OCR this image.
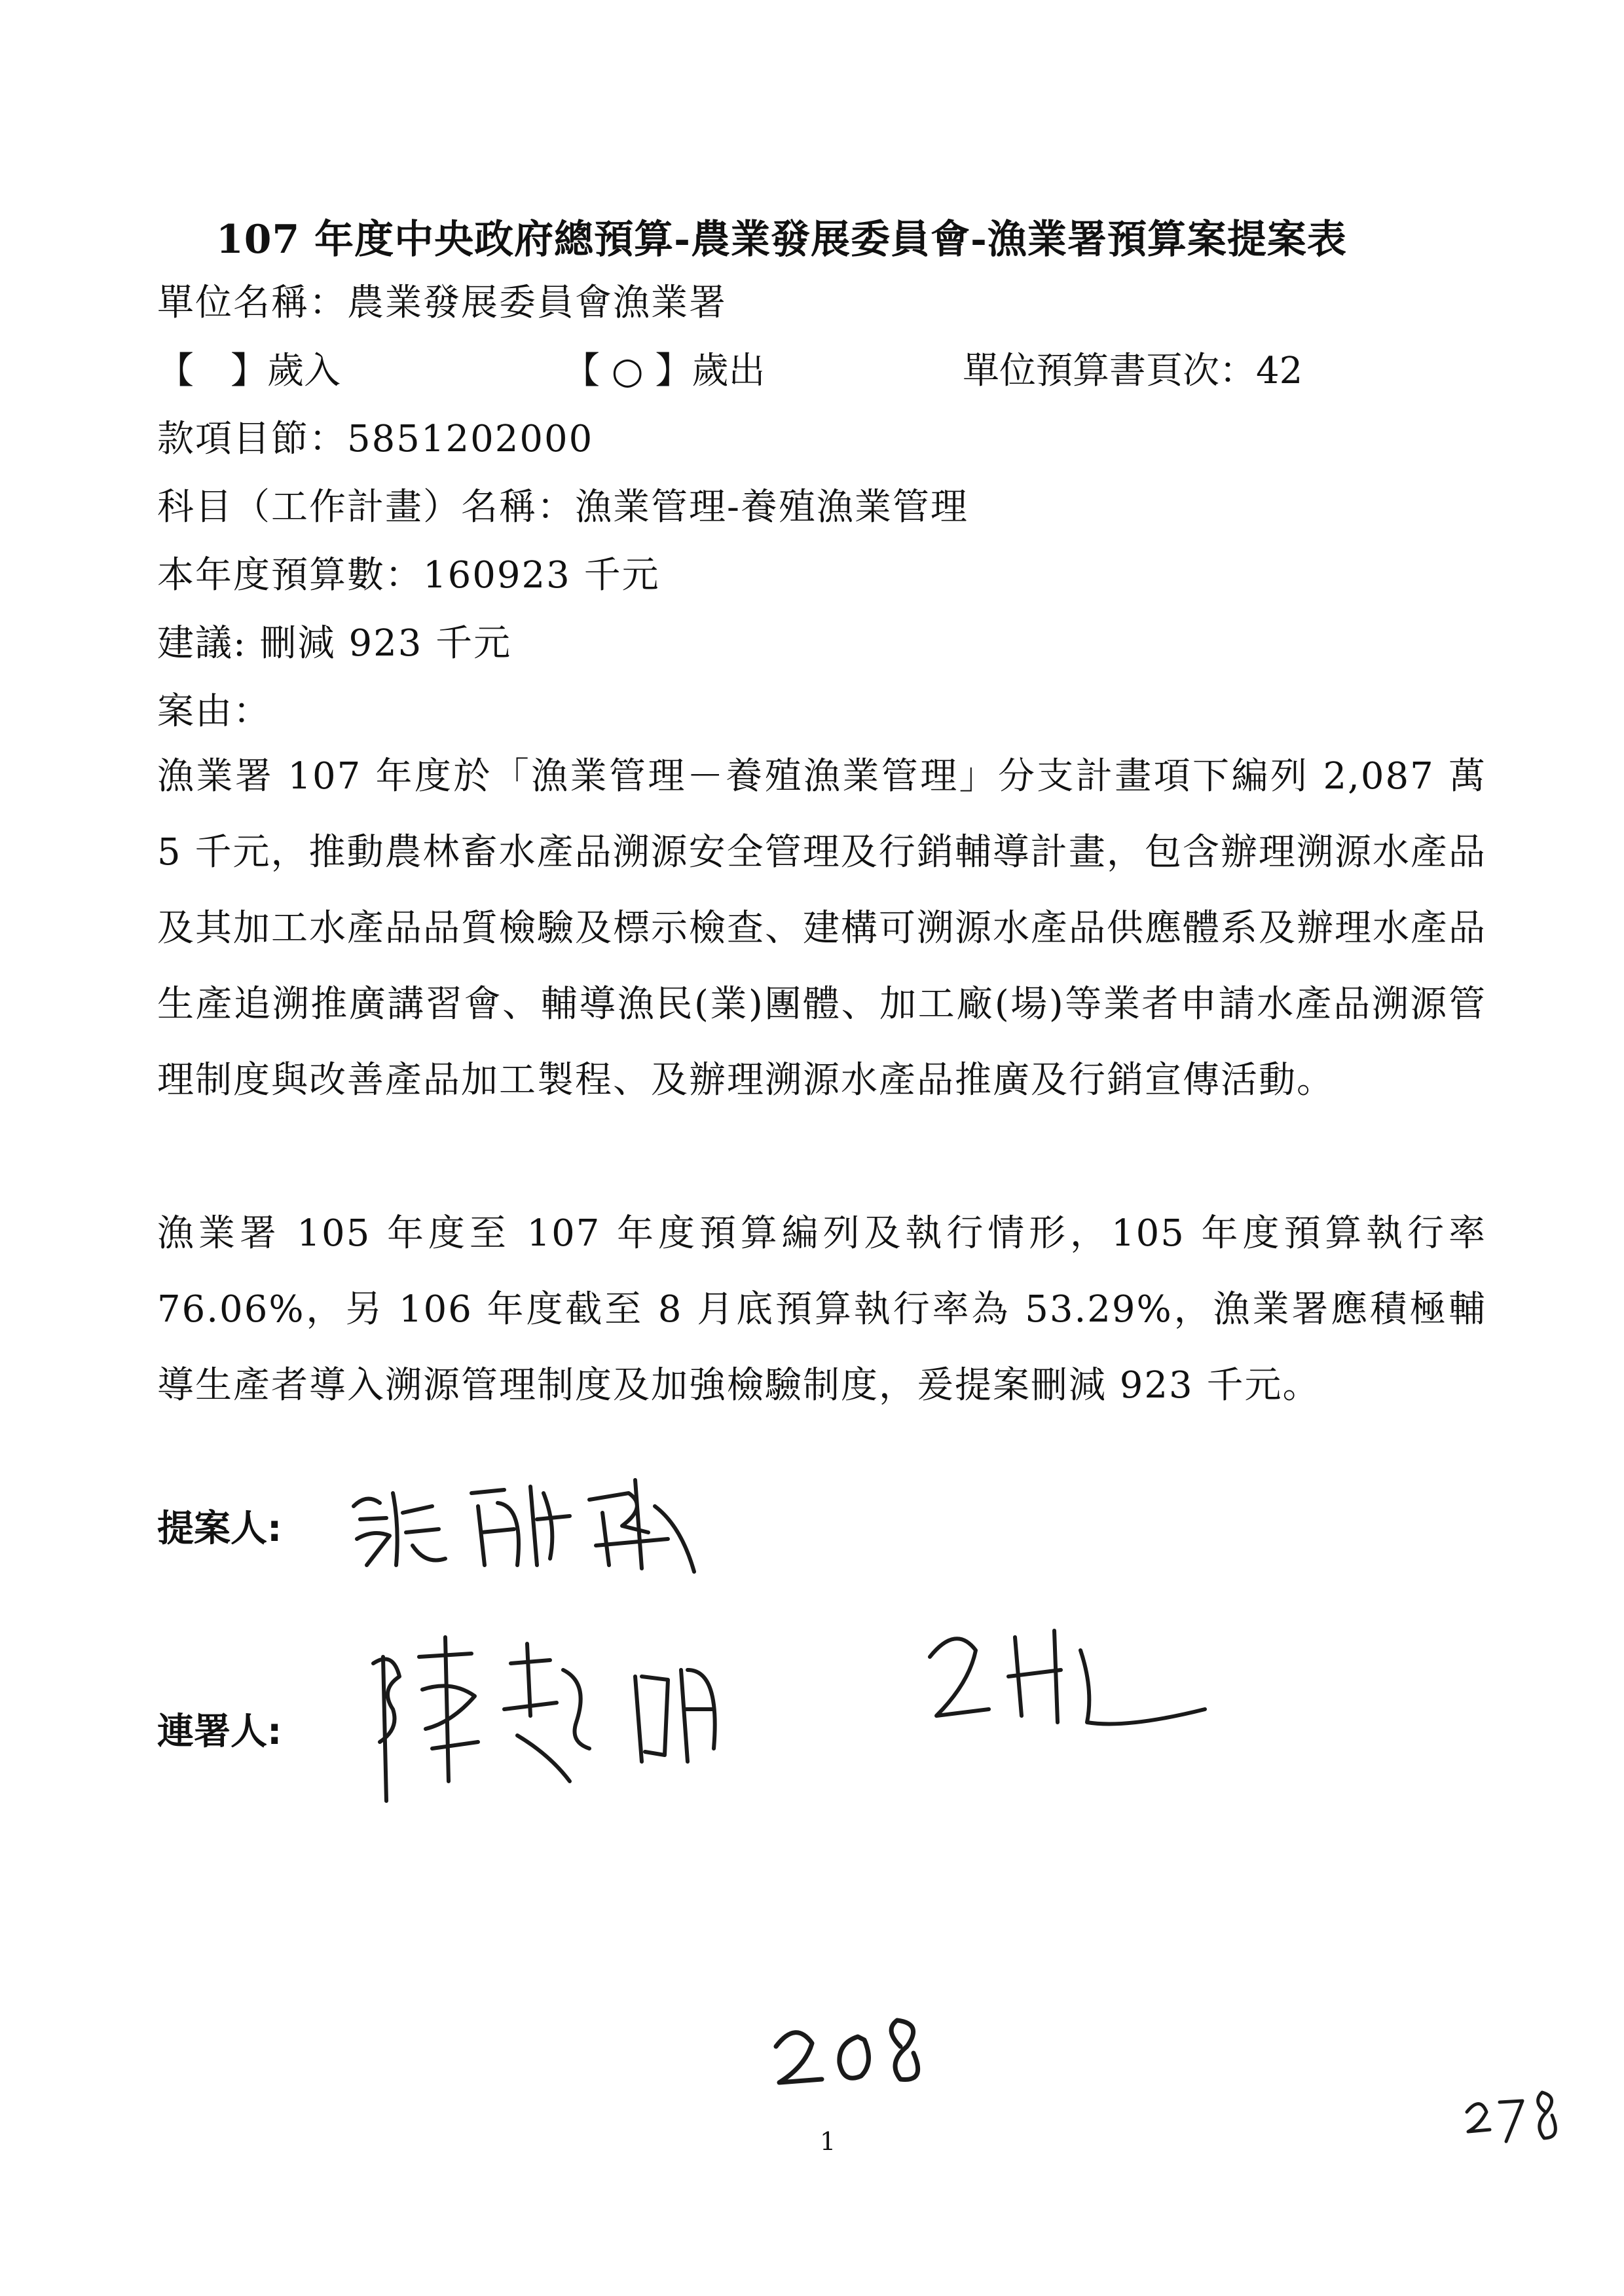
107 年度中央政府總預算-農業發展委員會-漁業署預算案提案表
單位名稱：農業發展委員會漁業署
【　】歲入	【 ○ 】歲出	單位預算書頁次：42
款項目節：5851202000
科目（工作計畫）名稱：漁業管理-養殖漁業管理
本年度預算數：160923 千元
建議: 刪減 923 千元
案由：
漁業署 107 年度於「漁業管理－養殖漁業管理」分支計畫項下編列 2,087 萬 5 千元，推動農林畜水產品溯源安全管理及行銷輔導計畫，包含辦理溯源水產品及其加工水產品品質檢驗及標示檢查、建構可溯源水產品供應體系及辦理水產品生產追溯推廣講習會、輔導漁民(業)團體、加工廠(場)等業者申請水產品溯源管理制度與改善產品加工製程、及辦理溯源水產品推廣及行銷宣傳活動。
漁業署 105 年度至 107 年度預算編列及執行情形，105 年度預算執行率 76.06%，另 106 年度截至 8 月底預算執行率為 53.29%，漁業署應積極輔導生產者導入溯源管理制度及加強檢驗制度，爰提案刪減 923 千元。
提案人:
連署人:
1
